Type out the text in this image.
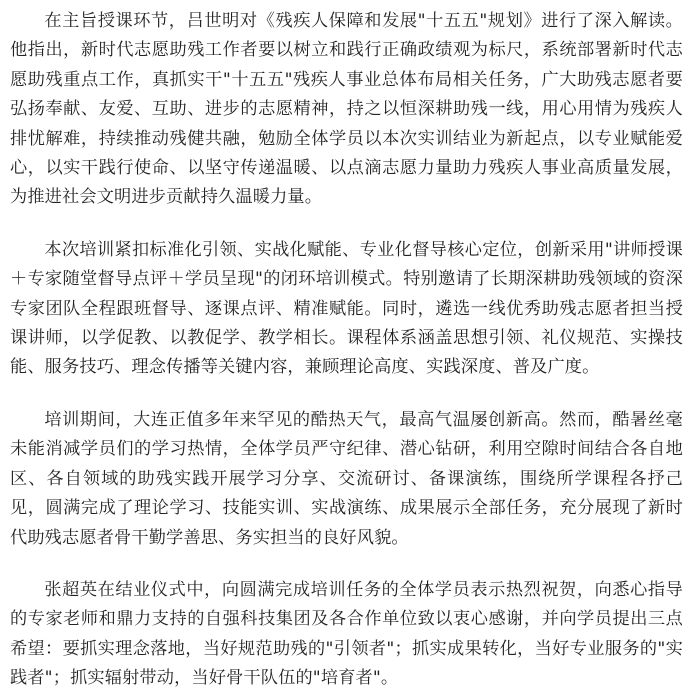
在主旨授课环节，吕世明对《残疾人保障和发展"十五五"规划》进行了深入解读。他指出，新时代志愿助残工作者要以树立和践行正确政绩观为标尺，系统部署新时代志愿助残重点工作，真抓实干"十五五"残疾人事业总体布局相关任务，广大助残志愿者要弘扬奉献、友爱、互助、进步的志愿精神，持之以恒深耕助残一线，用心用情为残疾人排忧解难，持续推动残健共融，勉励全体学员以本次实训结业为新起点，以专业赋能爱心，以实干践行使命、以坚守传递温暖、以点滴志愿力量助力残疾人事业高质量发展，为推进社会文明进步贡献持久温暖力量。

本次培训紧扣标准化引领、实战化赋能、专业化督导核心定位，创新采用"讲师授课＋专家随堂督导点评＋学员呈现"的闭环培训模式。特别邀请了长期深耕助残领域的资深专家团队全程跟班督导、逐课点评、精准赋能。同时，遴选一线优秀助残志愿者担当授课讲师，以学促教、以教促学、教学相长。课程体系涵盖思想引领、礼仪规范、实操技能、服务技巧、理念传播等关键内容，兼顾理论高度、实践深度、普及广度。

培训期间，大连正值多年来罕见的酷热天气，最高气温屡创新高。然而，酷暑丝毫未能消减学员们的学习热情，全体学员严守纪律、潜心钻研，利用空隙时间结合各自地区、各自领域的助残实践开展学习分享、交流研讨、备课演练，围绕所学课程各抒己见，圆满完成了理论学习、技能实训、实战演练、成果展示全部任务，充分展现了新时代助残志愿者骨干勤学善思、务实担当的良好风貌。

张超英在结业仪式中，向圆满完成培训任务的全体学员表示热烈祝贺，向悉心指导的专家老师和鼎力支持的自强科技集团及各合作单位致以衷心感谢，并向学员提出三点希望：要抓实理念落地，当好规范助残的"引领者"；抓实成果转化，当好专业服务的"实践者"；抓实辐射带动，当好骨干队伍的"培育者"。
